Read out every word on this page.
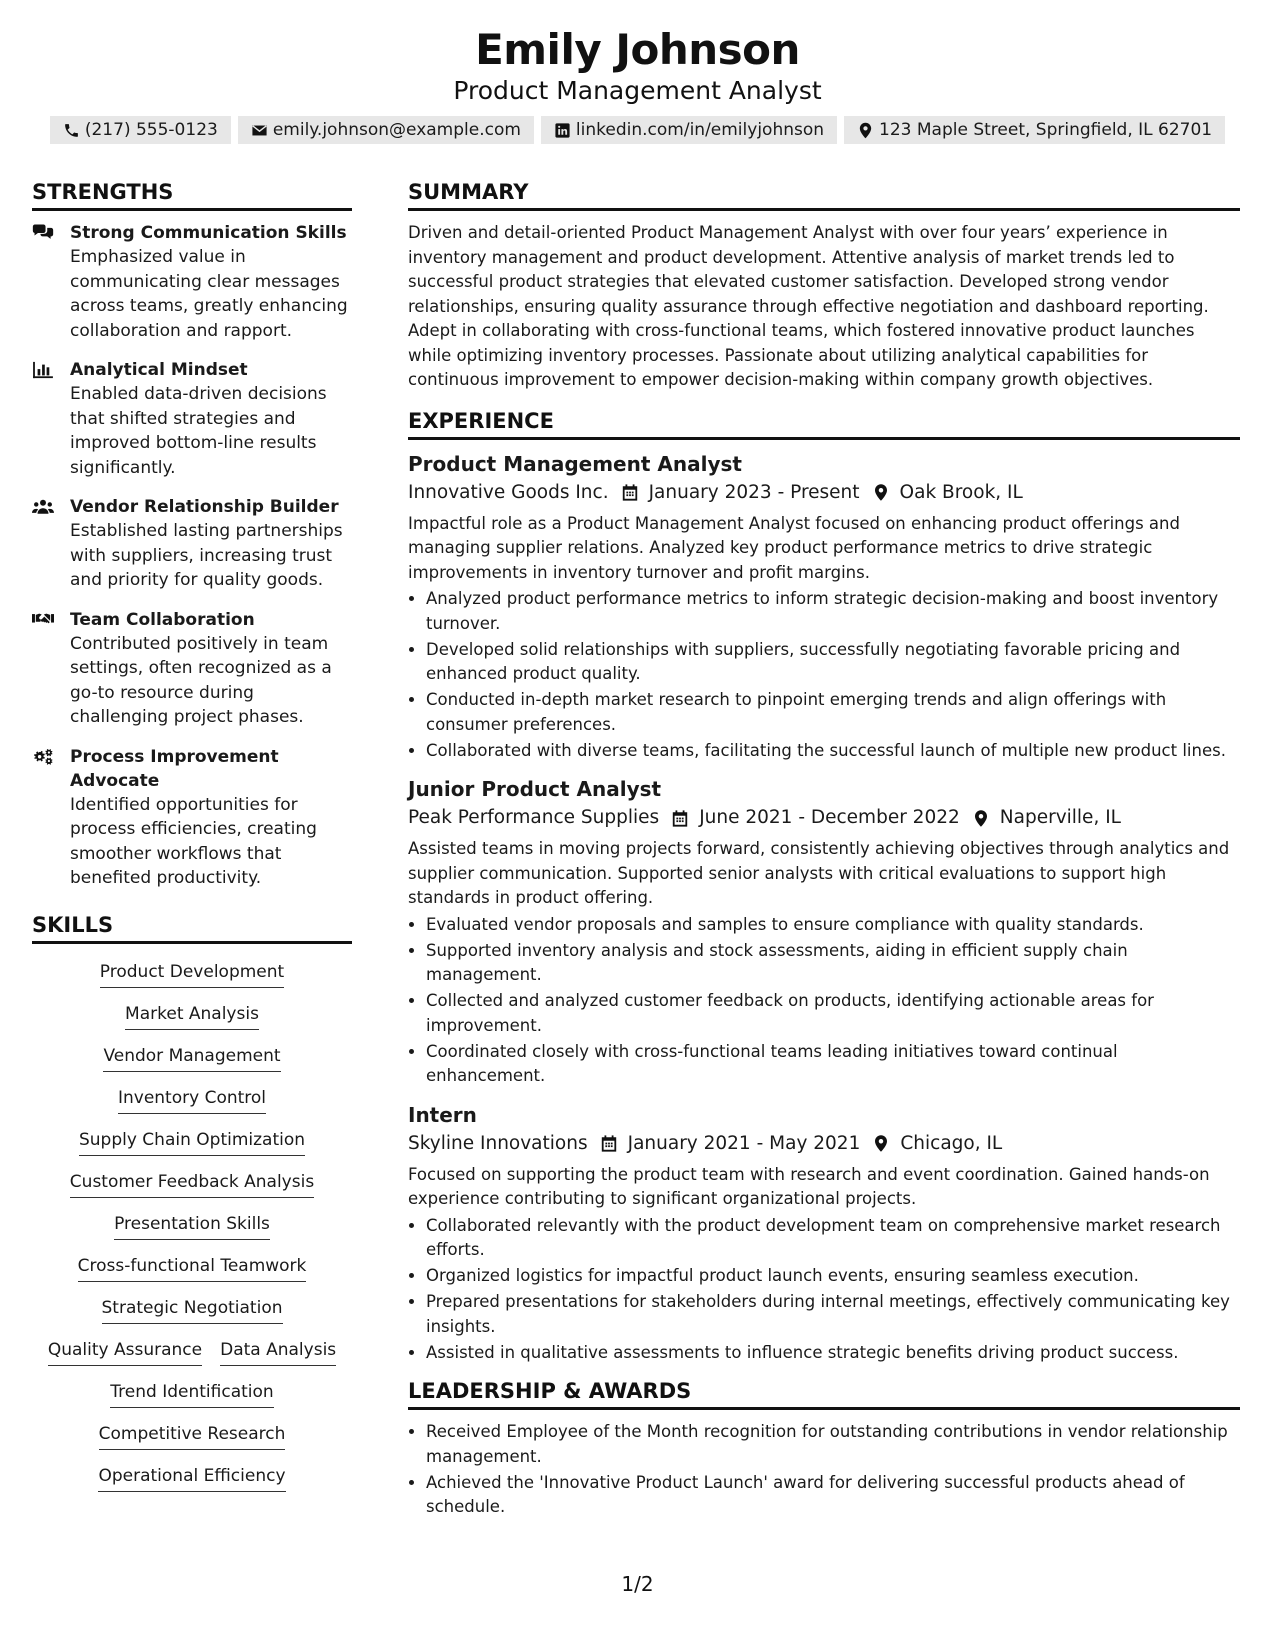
Emily Johnson
Product Management Analyst
(217) 555-0123	emily.johnson@example.com	linkedin.com/in/emilyjohnson	123 Maple Street, Springfield, IL 62701
STRENGTHS
Strong Communication Skills
Emphasized value in communicating clear messages across teams, greatly enhancing collaboration and rapport.
Analytical Mindset
Enabled data-driven decisions that shifted strategies and improved bottom-line results significantly.
Vendor Relationship Builder
Established lasting partnerships with suppliers, increasing trust and priority for quality goods.
Team Collaboration
Contributed positively in team settings, often recognized as a go-to resource during challenging project phases.
Process Improvement Advocate
Identified opportunities for process efficiencies, creating smoother workflows that benefited productivity.
SKILLS
Product Development
Market Analysis
Vendor Management
Inventory Control
Supply Chain Optimization
Customer Feedback Analysis
Presentation Skills
Cross-functional Teamwork
Strategic Negotiation
Quality Assurance Data Analysis
Trend Identification
Competitive Research
Operational Efficiency
SUMMARY
Driven and detail-oriented Product Management Analyst with over four years’ experience in inventory management and product development. Attentive analysis of market trends led to successful product strategies that elevated customer satisfaction. Developed strong vendor relationships, ensuring quality assurance through effective negotiation and dashboard reporting. Adept in collaborating with cross-functional teams, which fostered innovative product launches while optimizing inventory processes. Passionate about utilizing analytical capabilities for continuous improvement to empower decision-making within company growth objectives.
EXPERIENCE
Product Management Analyst
Innovative Goods Inc. January 2023 - Present Oak Brook, IL
Impactful role as a Product Management Analyst focused on enhancing product offerings and managing supplier relations. Analyzed key product performance metrics to drive strategic improvements in inventory turnover and profit margins.
• Analyzed product performance metrics to inform strategic decision-making and boost inventory turnover.
• Developed solid relationships with suppliers, successfully negotiating favorable pricing and enhanced product quality.
• Conducted in-depth market research to pinpoint emerging trends and align offerings with consumer preferences.
• Collaborated with diverse teams, facilitating the successful launch of multiple new product lines.
Junior Product Analyst
Peak Performance Supplies June 2021 - December 2022 Naperville, IL
Assisted teams in moving projects forward, consistently achieving objectives through analytics and supplier communication. Supported senior analysts with critical evaluations to support high standards in product offering.
• Evaluated vendor proposals and samples to ensure compliance with quality standards.
• Supported inventory analysis and stock assessments, aiding in efficient supply chain management.
• Collected and analyzed customer feedback on products, identifying actionable areas for improvement.
• Coordinated closely with cross-functional teams leading initiatives toward continual enhancement.
Intern
Skyline Innovations January 2021 - May 2021 Chicago, IL
Focused on supporting the product team with research and event coordination. Gained hands-on experience contributing to significant organizational projects.
• Collaborated relevantly with the product development team on comprehensive market research efforts.
• Organized logistics for impactful product launch events, ensuring seamless execution.
• Prepared presentations for stakeholders during internal meetings, effectively communicating key insights.
• Assisted in qualitative assessments to influence strategic benefits driving product success.
LEADERSHIP & AWARDS
• Received Employee of the Month recognition for outstanding contributions in vendor relationship management.
• Achieved the 'Innovative Product Launch' award for delivering successful products ahead of schedule.
1/2
